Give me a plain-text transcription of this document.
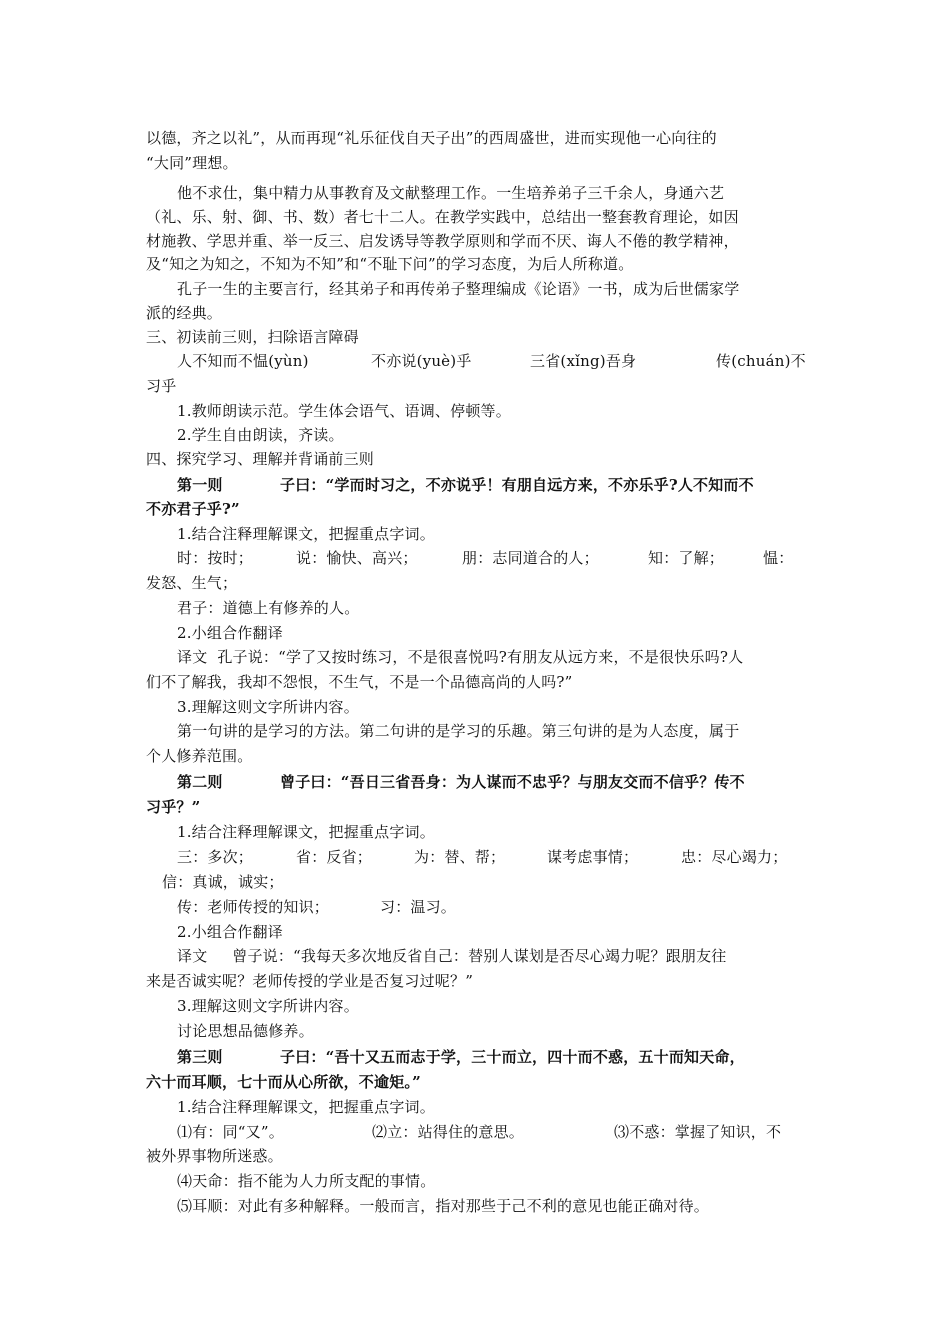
以德，齐之以礼”，从而再现“礼乐征伐自天子出”的西周盛世，进而实现他一心向往的
“大同”理想。
他不求仕，集中精力从事教育及文献整理工作。一生培养弟子三千余人，身通六艺
（礼、乐、射、御、书、数）者七十二人。在教学实践中，总结出一整套教育理论，如因
材施教、学思并重、举一反三、启发诱导等教学原则和学而不厌、诲人不倦的教学精神，
及“知之为知之，不知为不知”和“不耻下问”的学习态度，为后人所称道。
孔子一生的主要言行，经其弟子和再传弟子整理编成《论语》一书，成为后世儒家学
派的经典。
三、初读前三则，扫除语言障碍
人不知而不愠(yùn)	不亦说(yuè)乎	三省(xǐng)吾身	传(chuán)不
习乎
1.教师朗读示范。学生体会语气、语调、停顿等。
2.学生自由朗读，齐读。
四、探究学习、理解并背诵前三则
第一则	子曰：“学而时习之，不亦说乎！有朋自远方来，不亦乐乎?人不知而不
不亦君子乎?”
1.结合注释理解课文，把握重点字词。
时：按时；	说：愉快、高兴；	朋：志同道合的人；	知：了解；	愠：
发怒、生气；
君子：道德上有修养的人。
2.小组合作翻译
译文  孔子说：“学了又按时练习，不是很喜悦吗?有朋友从远方来，不是很快乐吗?人
们不了解我，我却不怨恨，不生气，不是一个品德高尚的人吗?”
3.理解这则文字所讲内容。
第一句讲的是学习的方法。第二句讲的是学习的乐趣。第三句讲的是为人态度，属于
个人修养范围。
第二则	曾子曰：“吾日三省吾身：为人谋而不忠乎？与朋友交而不信乎？传不
习乎？”
1.结合注释理解课文，把握重点字词。
三：多次；	省：反省；	为：替、帮；	谋考虑事情；	忠：尽心竭力；
信：真诚，诚实；
传：老师传授的知识；	习：温习。
2.小组合作翻译
译文     曾子说：“我每天多次地反省自己：替别人谋划是否尽心竭力呢？跟朋友往
来是否诚实呢？老师传授的学业是否复习过呢？”
3.理解这则文字所讲内容。
讨论思想品德修养。
第三则	子曰：“吾十又五而志于学，三十而立，四十而不惑，五十而知天命，
六十而耳顺，七十而从心所欲，不逾矩。”
1.结合注释理解课文，把握重点字词。
⑴有：同“又”。	⑵立：站得住的意思。	⑶不惑：掌握了知识，不
被外界事物所迷惑。
⑷天命：指不能为人力所支配的事情。
⑸耳顺：对此有多种解释。一般而言，指对那些于己不利的意见也能正确对待。
